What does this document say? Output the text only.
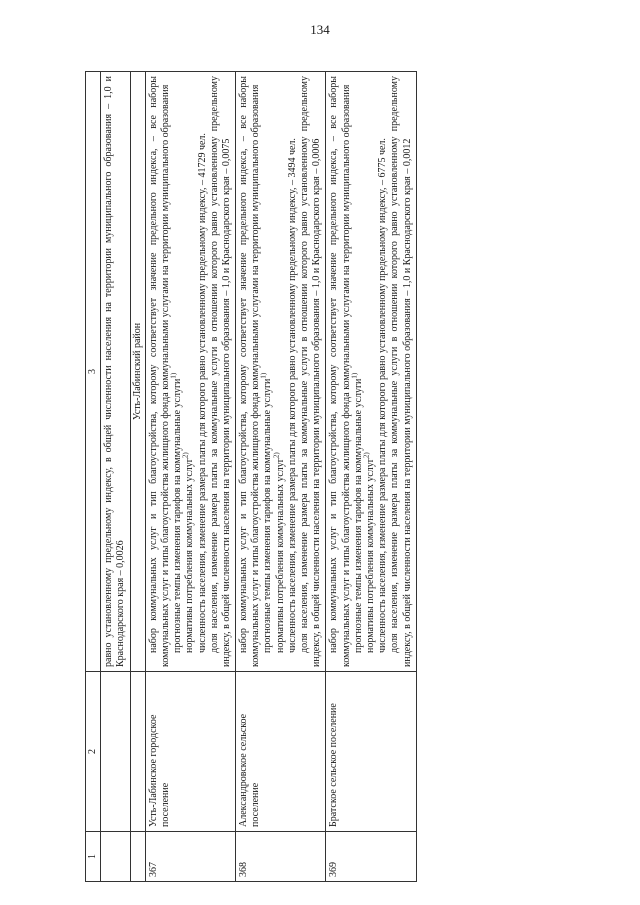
134
1	2	3

		равно установленному предельному индексу, в общей численности населения на территории муниципального образования – 1,0 и Краснодарского края – 0,0026

		Усть-Лабинский район
367	Усть-Лабинское городское поселение	набор коммунальных услуг и тип благоустройства, которому соответствует значение предельного индекса, – все наборы коммунальных услуг и типы благоустройства жилищного фонда коммунальными услугами на территории муниципального образования прогнозные темпы изменения тарифов на коммунальные услуги$^{1)}$

нормативы потребления коммунальных услуг$^{2)}$ численность населения, изменение размера платы для которого равно установленному предельному индексу, – 41729 чел. доля населения, изменение размера платы за коммунальные услуги в отношении которого равно установленному предельному индексу, в общей численности населения на территории муниципального образования – 1,0 и Краснодарского края – 0,0075

368	Александровское сельское поселение	набор коммунальных услуг и тип благоустройства, которому соответствует значение предельного индекса, – все наборы коммунальных услуг и типы благоустройства жилищного фонда коммунальными услугами на территории муниципального образования прогнозные темпы изменения тарифов на коммунальные услуги$^{1)}$

нормативы потребления коммунальных услуг$^{2)}$ численность населения, изменение размера платы для которого равно установленному предельному индексу, – 3494 чел. доля населения, изменение размера платы за коммунальные услуги в отношении которого равно установленному предельному индексу, в общей численности населения на территории муниципального образования – 1,0 и Краснодарского края – 0,0006

369	Братское сельское поселение	набор коммунальных услуг и тип благоустройства, которому соответствует значение предельного индекса, – все наборы коммунальных услуг и типы благоустройства жилищного фонда коммунальными услугами на территории муниципального образования прогнозные темпы изменения тарифов на коммунальные услуги$^{1)}$

нормативы потребления коммунальных услуг$^{2)}$ численность населения, изменение размера платы для которого равно установленному предельному индексу, – 6775 чел. доля населения, изменение размера платы за коммунальные услуги в отношении которого равно установленному предельному индексу, в общей численности населения на территории муниципального образования – 1,0 и Краснодарского края – 0,0012
